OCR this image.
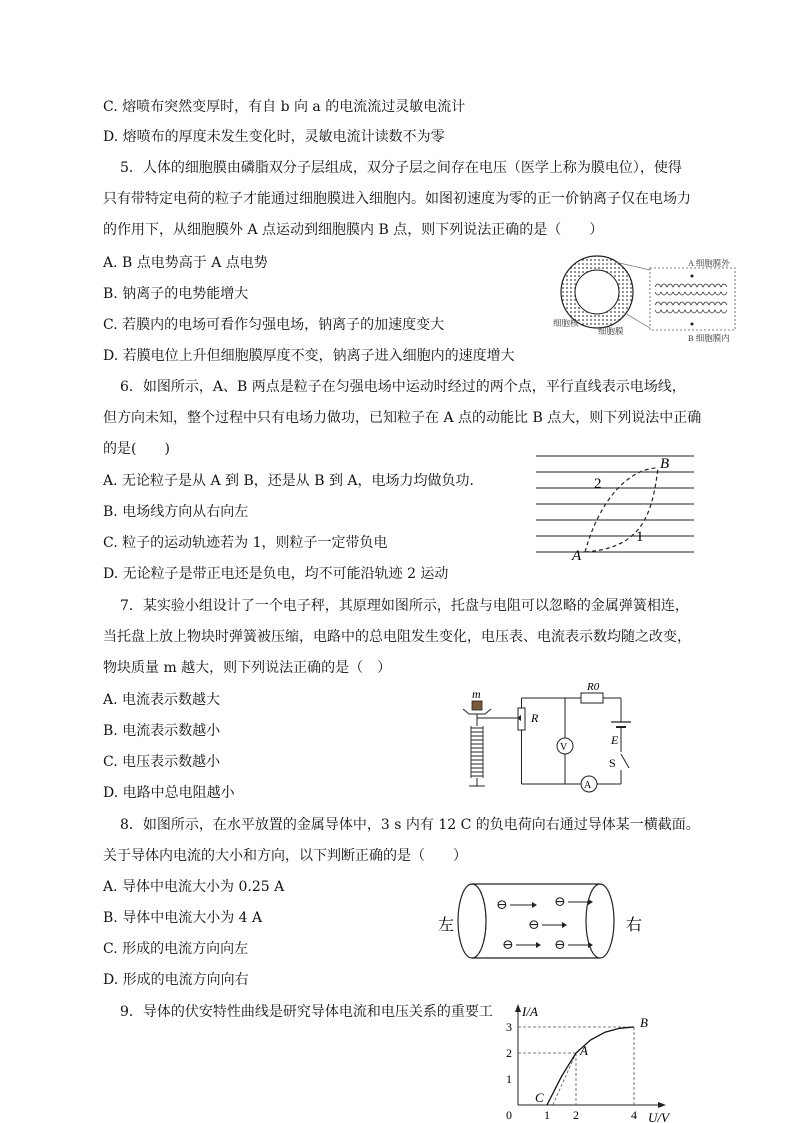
C. 熔喷布突然变厚时，有自 b 向 a 的电流流过灵敏电流计
D. 熔喷布的厚度未发生变化时，灵敏电流计读数不为零
5．人体的细胞膜由磷脂双分子层组成，双分子层之间存在电压（医学上称为膜电位），使得
只有带特定电荷的粒子才能通过细胞膜进入细胞内。如图初速度为零的正一价钠离子仅在电场力
的作用下，从细胞膜外 A 点运动到细胞膜内 B 点，则下列说法正确的是（　　）
A. B 点电势高于 A 点电势
B. 钠离子的电势能增大
C. 若膜内的电场可看作匀强电场，钠离子的加速度变大
D. 若膜电位上升但细胞膜厚度不变，钠离子进入细胞内的速度增大
6．如图所示，A、B 两点是粒子在匀强电场中运动时经过的两个点，平行直线表示电场线，
但方向未知，整个过程中只有电场力做功，已知粒子在 A 点的动能比 B 点大，则下列说法中正确
的是(　　)
A. 无论粒子是从 A 到 B，还是从 B 到 A，电场力均做负功．
B. 电场线方向从右向左
C. 粒子的运动轨迹若为 1，则粒子一定带负电
D. 无论粒子是带正电还是负电，均不可能沿轨迹 2 运动
7．某实验小组设计了一个电子秤，其原理如图所示，托盘与电阻可以忽略的金属弹簧相连，
当托盘上放上物块时弹簧被压缩，电路中的总电阻发生变化，电压表、电流表示数均随之改变，
物块质量 m 越大，则下列说法正确的是（　）
A. 电流表示数越大
B. 电流表示数越小
C. 电压表示数越小
D. 电路中总电阻越小
8．如图所示，在水平放置的金属导体中，3 s 内有 12 C 的负电荷向右通过导体某一横截面。
关于导体内电流的大小和方向，以下判断正确的是（　　）
A. 导体中电流大小为 0.25 A
B. 导体中电流大小为 4 A
C. 形成的电流方向向左
D. 形成的电流方向向右
9．导体的伏安特性曲线是研究导体电流和电压关系的重要工
A 细胞膜外
B 细胞膜内
细胞核
细胞膜
A
B
2
1
m
R
R0
V
E
S
A
左	右
⊖	⊖
⊖
⊖	⊖
I/A
U/V
0	1 2	4
1
2
3
C
A
B
